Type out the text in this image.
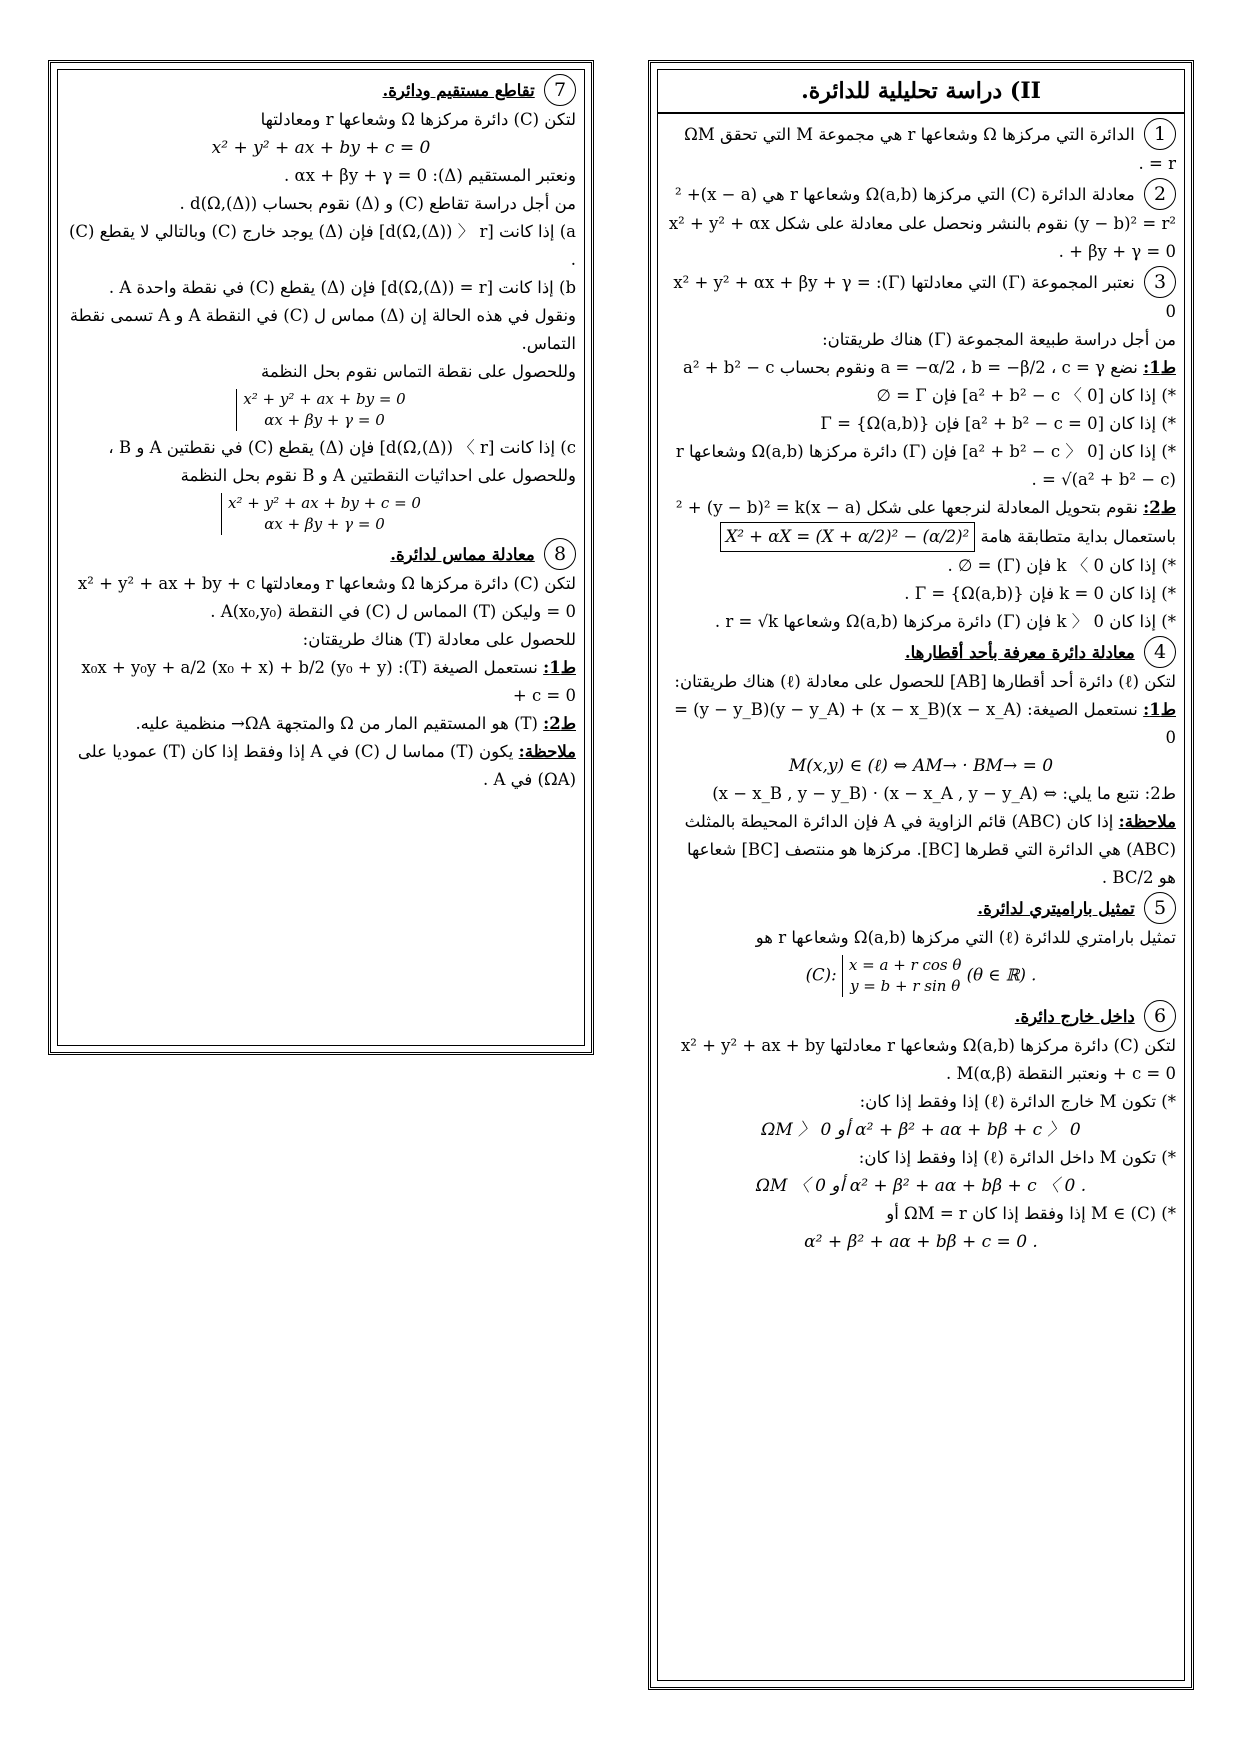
7 تقاطع مستقيم ودائرة.

لتكن (C) دائرة مركزها Ω وشعاعها r ومعادلتها

x² + y² + ax + by + c = 0

ونعتبر المستقيم (Δ): αx + βy + γ = 0 .

من أجل دراسة تقاطع (C) و (Δ) نقوم بحساب d(Ω,(Δ)) .

a) إذا كانت [d(Ω,(Δ)) 〉 r] فإن (Δ) يوجد خارج (C) وبالتالي لا يقطع (C) .

b) إذا كانت [d(Ω,(Δ)) = r] فإن (Δ) يقطع (C) في نقطة واحدة A .

ونقول في هذه الحالة إن (Δ) مماس ل (C) في النقطة A و A تسمى نقطة التماس.

وللحصول على نقطة التماس نقوم بحل النظمة

x² + y² + ax + by = 0
αx + βy + γ = 0

c) إذا كانت [d(Ω,(Δ)) 〈 r] فإن (Δ) يقطع (C) في نقطتين A و B ، وللحصول على احداثيات النقطتين A و B نقوم بحل النظمة

x² + y² + ax + by + c = 0
αx + βy + γ = 0

8 معادلة مماس لدائرة.

لتكن (C) دائرة مركزها Ω وشعاعها r ومعادلتها x² + y² + ax + by + c = 0 وليكن (T) المماس ل (C) في النقطة A(x₀,y₀) .

للحصول على معادلة (T) هناك طريقتان:

ط1: نستعمل الصيغة (T): x₀x + y₀y + a/2 (x₀ + x) + b/2 (y₀ + y) + c = 0

ط2: (T) هو المستقيم المار من Ω والمتجهة ΩA→ منظمية عليه.

ملاحظة: يكون (T) مماسا ل (C) في A إذا وفقط إذا كان (T) عموديا على (ΩA) في A .

II) دراسة تحليلية للدائرة.

1 الدائرة التي مركزها Ω وشعاعها r هي مجموعة M التي تحقق ΩM = r .

2 معادلة الدائرة (C) التي مركزها Ω(a,b) وشعاعها r هي (x − a)² + (y − b)² = r² نقوم بالنشر ونحصل على معادلة على شكل x² + y² + αx + βy + γ = 0 .

3 نعتبر المجموعة (Γ) التي معادلتها (Γ): x² + y² + αx + βy + γ = 0

من أجل دراسة طبيعة المجموعة (Γ) هناك طريقتان:

ط1: نضع a = −α/2 ، b = −β/2 ، c = γ ونقوم بحساب a² + b² − c

*) إذا كان [a² + b² − c 〈 0] فإن Γ = ∅

*) إذا كان [a² + b² − c = 0] فإن Γ = {Ω(a,b)}

*) إذا كان [a² + b² − c 〉 0] فإن (Γ) دائرة مركزها Ω(a,b) وشعاعها r = √(a² + b² − c) .

ط2: نقوم بتحويل المعادلة لنرجعها على شكل (x − a)² + (y − b)² = k

باستعمال بداية متطابقة هامة X² + αX = (X + α/2)² − (α/2)²

*) إذا كان k 〈 0 فإن (Γ) = ∅ .

*) إذا كان k = 0 فإن Γ = {Ω(a,b)} .

*) إذا كان k 〉 0 فإن (Γ) دائرة مركزها Ω(a,b) وشعاعها r = √k .

4 معادلة دائرة معرفة بأحد أقطارها.

لتكن (ℓ) دائرة أحد أقطارها [AB] للحصول على معادلة (ℓ) هناك طريقتان:

ط1: نستعمل الصيغة: (x − x_A)(x − x_B) + (y − y_A)(y − y_B) = 0

M(x,y) ∈ (ℓ) ⇔ AM→ · BM→ = 0

ط2: نتبع ما يلي: ⇔ (x − x_A , y − y_A) · (x − x_B , y − y_B)

ملاحظة: إذا كان (ABC) قائم الزاوية في A فإن الدائرة المحيطة بالمثلث (ABC) هي الدائرة التي قطرها [BC]. مركزها هو منتصف [BC] شعاعها هو BC/2 .

5 تمثيل باراميتري لدائرة.

تمثيل بارامتري للدائرة (ℓ) التي مركزها Ω(a,b) وشعاعها r هو

(C): x = a + r cos θ
y = b + r sin θ (θ ∈ ℝ) .

6 داخل خارج دائرة.

لتكن (C) دائرة مركزها Ω(a,b) وشعاعها r معادلتها x² + y² + ax + by + c = 0 ونعتبر النقطة M(α,β) .

*) تكون M خارج الدائرة (ℓ) إذا وفقط إذا كان:

ΩM 〉 0 أو α² + β² + aα + bβ + c 〉 0

*) تكون M داخل الدائرة (ℓ) إذا وفقط إذا كان:

ΩM 〈 0 أو α² + β² + aα + bβ + c 〈 0 .

*) M ∈ (C) إذا وفقط إذا كان ΩM = r أو

α² + β² + aα + bβ + c = 0 .
